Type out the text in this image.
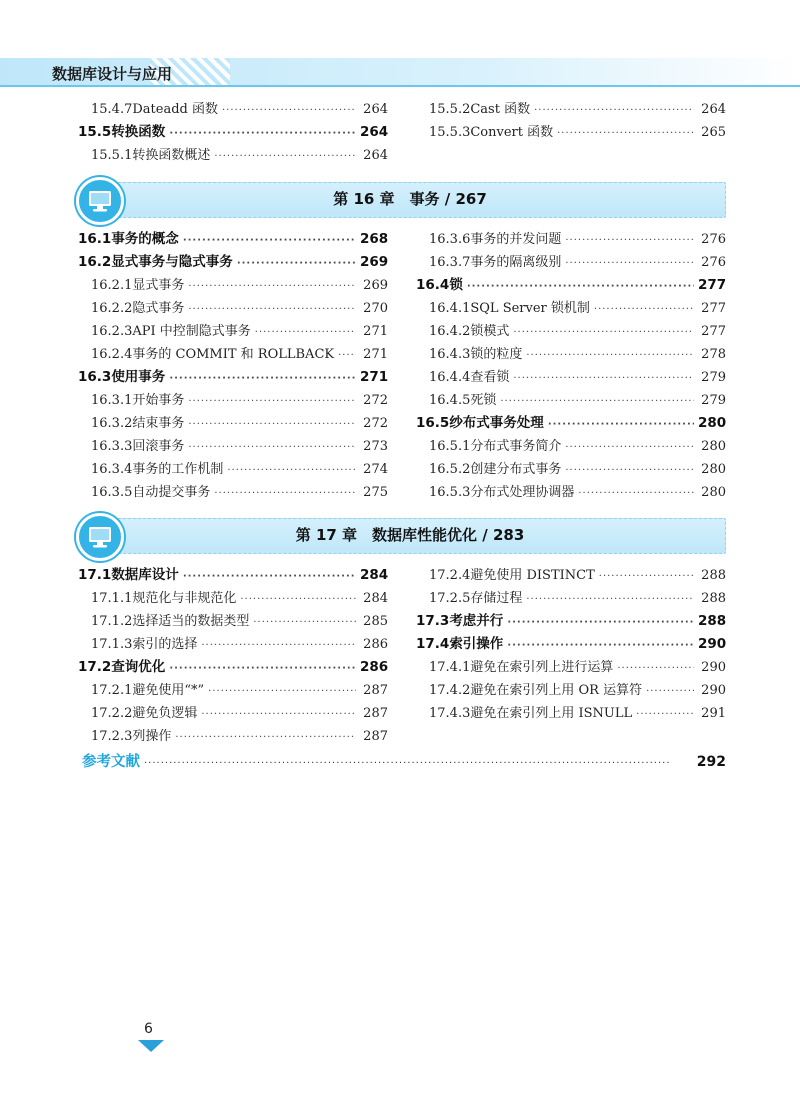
数据库设计与应用
15.4.7 Dateadd 函数 ·····	264
15.5 转换函数 ·····	264
15.5.1 转换函数概述 ·····	264
15.5.2 Cast 函数 ·····	264
15.5.3 Convert 函数 ·····	265
第 16 章　事务 / 267
16.1 事务的概念 ·····	268
16.2 显式事务与隐式事务 ·····	269
16.2.1 显式事务 ·····	269
16.2.2 隐式事务 ·····	270
16.2.3 API 中控制隐式事务 ·····	271
16.2.4 事务的 COMMIT 和 ROLLBACK ····· 271
16.3 使用事务 ·····	271
16.3.1 开始事务 ·····	272
16.3.2 结束事务 ·····	272
16.3.3 回滚事务 ·····	273
16.3.4 事务的工作机制 ·····	274
16.3.5 自动提交事务 ·····	275
16.3.6 事务的并发问题 ·····	276
16.3.7 事务的隔离级别 ·····	276
16.4 锁 ·····	277
16.4.1 SQL Server 锁机制 ·····	277
16.4.2 锁模式 ·····	277
16.4.3 锁的粒度 ·····	278
16.4.4 查看锁 ·····	279
16.4.5 死锁 ·····	279
16.5 纱布式事务处理 ·····	280
16.5.1 分布式事务简介 ·····	280
16.5.2 创建分布式事务 ·····	280
16.5.3 分布式处理协调器 ·····	280
第 17 章　数据库性能优化 / 283
17.1 数据库设计 ·····	284
17.1.1 规范化与非规范化 ·····	284
17.1.2 选择适当的数据类型 ·····	285
17.1.3 索引的选择 ·····	286
17.2 查询优化 ·····	286
17.2.1 避免使用“*” ·····	287
17.2.2 避免负逻辑 ·····	287
17.2.3 列操作 ·····	287
17.2.4 避免使用 DISTINCT ·····	288
17.2.5 存储过程 ·····	288
17.3 考虑并行 ·····	288
17.4 索引操作 ·····	290
17.4.1 避免在索引列上进行运算 ·····	290
17.4.2 避免在索引列上用 OR 运算符 ·····	290
17.4.3 避免在索引列上用 ISNULL ·····	291
参考文献 ·····	292
6
